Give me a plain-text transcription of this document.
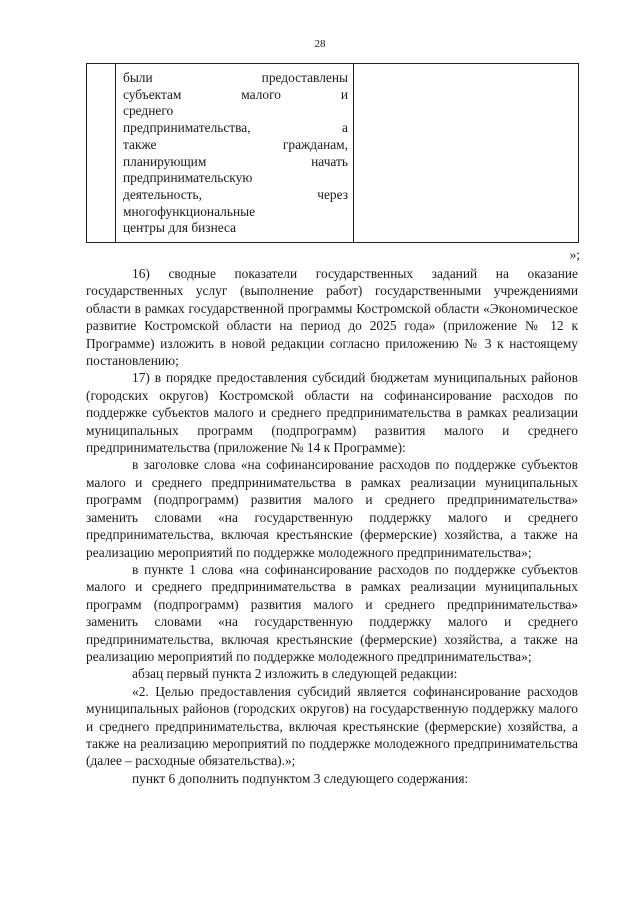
28
были предоставлены
субъектам малого и
среднего
предпринимательства, а
также гражданам,
планирующим начать
предпринимательскую
деятельность, через
многофункциональные
центры для бизнеса
»;

16) сводные показатели государственных заданий на оказание государственных услуг (выполнение работ) государственными учреждениями области в рамках государственной программы Костромской области «Экономическое развитие Костромской области на период до 2025 года» (приложение № 12 к Программе) изложить в новой редакции согласно приложению № 3 к настоящему постановлению;

17) в порядке предоставления субсидий бюджетам муниципальных районов (городских округов) Костромской области на софинансирование расходов по поддержке субъектов малого и среднего предпринимательства в рамках реализации муниципальных программ (подпрограмм) развития малого и среднего предпринимательства (приложение № 14 к Программе):

в заголовке слова «на софинансирование расходов по поддержке субъектов малого и среднего предпринимательства в рамках реализации муниципальных программ (подпрограмм) развития малого и среднего предпринимательства» заменить словами «на государственную поддержку малого и среднего предпринимательства, включая крестьянские (фермерские) хозяйства, а также на реализацию мероприятий по поддержке молодежного предпринимательства»;

в пункте 1 слова «на софинансирование расходов по поддержке субъектов малого и среднего предпринимательства в рамках реализации муниципальных программ (подпрограмм) развития малого и среднего предпринимательства» заменить словами «на государственную поддержку малого и среднего предпринимательства, включая крестьянские (фермерские) хозяйства, а также на реализацию мероприятий по поддержке молодежного предпринимательства»;

абзац первый пункта 2 изложить в следующей редакции:

«2. Целью предоставления субсидий является софинансирование расходов муниципальных районов (городских округов) на государственную поддержку малого и среднего предпринимательства, включая крестьянские (фермерские) хозяйства, а также на реализацию мероприятий по поддержке молодежного предпринимательства (далее – расходные обязательства).»;

пункт 6 дополнить подпунктом 3 следующего содержания:
